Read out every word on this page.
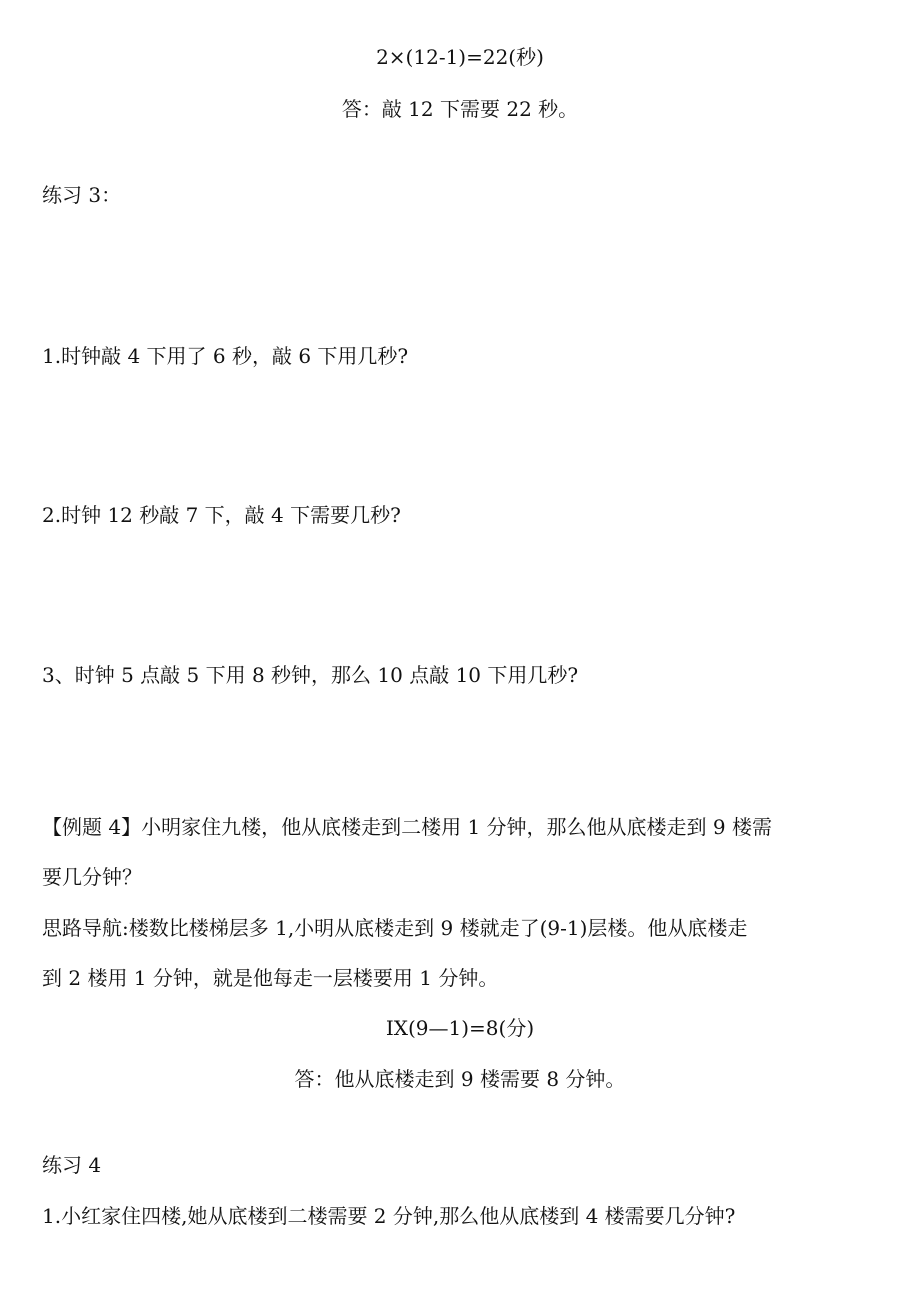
2×(12-1)=22(秒)
答：敲 12 下需要 22 秒。
练习 3：
1.时钟敲 4 下用了 6 秒，敲 6 下用几秒?
2.时钟 12 秒敲 7 下，敲 4 下需要几秒?
3、时钟 5 点敲 5 下用 8 秒钟，那么 10 点敲 10 下用几秒?
【例题 4】小明家住九楼，他从底楼走到二楼用 1 分钟，那么他从底楼走到 9 楼需
要几分钟？
思路导航:楼数比楼梯层多 1,小明从底楼走到 9 楼就走了(9-1)层楼。他从底楼走
到 2 楼用 1 分钟，就是他每走一层楼要用 1 分钟。
IX(9—1)=8(分)
答：他从底楼走到 9 楼需要 8 分钟。
练习 4
1.小红家住四楼,她从底楼到二楼需要 2 分钟,那么他从底楼到 4 楼需要几分钟?
